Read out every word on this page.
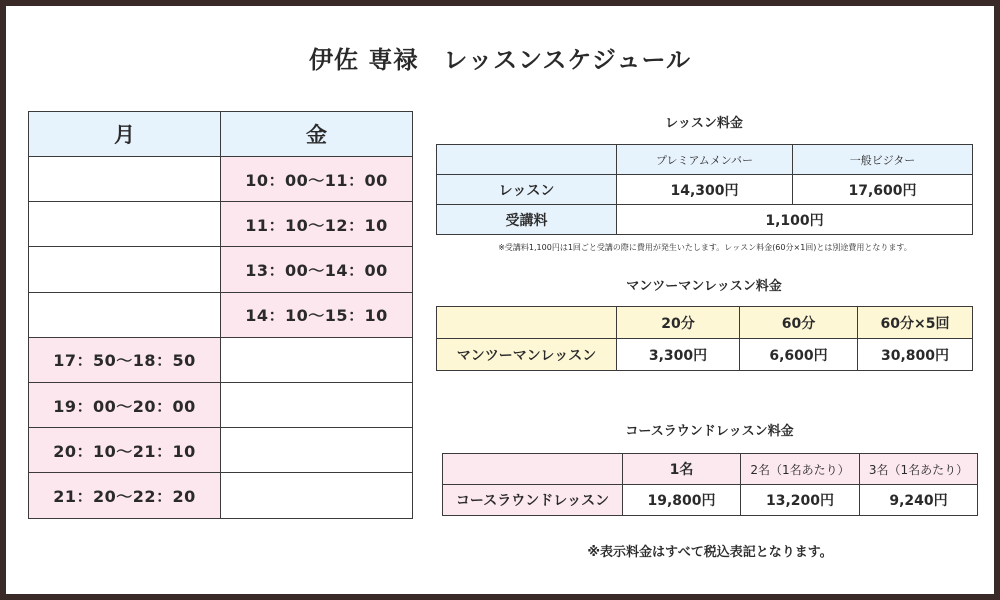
伊佐 専禄　レッスンスケジュール
月	金
	10：00〜11：00
	11：10〜12：10
	13：00〜14：00
	14：10〜15：10
17：50〜18：50	
19：00〜20：00	
20：10〜21：10	
21：20〜22：20	
レッスン料金
	プレミアムメンバー	一般ビジター
レッスン	14,300円	17,600円
受講料	1,100円	
※受講料1,100円は1回ごと受講の際に費用が発生いたします。レッスン料金(60分×1回)とは別途費用となります。
マンツーマンレッスン料金
	20分	60分	60分×5回
マンツーマンレッスン	3,300円	6,600円	30,800円
コースラウンドレッスン料金
	1名	2名（1名あたり）	3名（1名あたり）
コースラウンドレッスン	19,800円	13,200円	9,240円
※表示料金はすべて税込表記となります。
